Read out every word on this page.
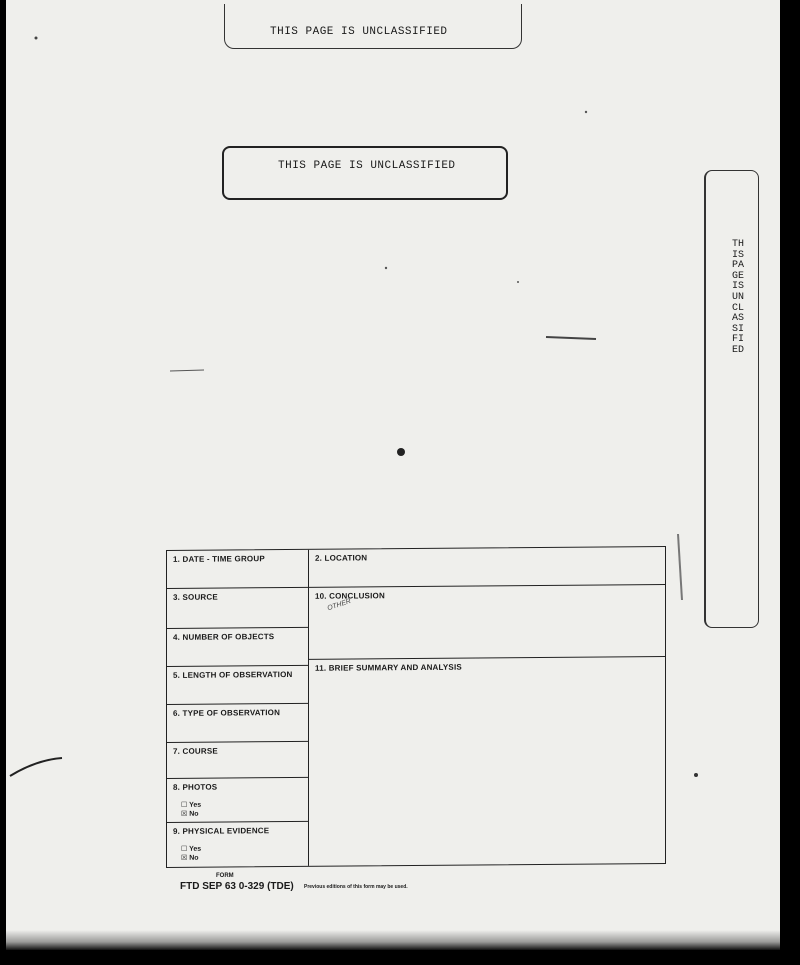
THIS PAGE IS UNCLASSIFIED
THIS PAGE IS UNCLASSIFIED
THIS PAGE IS UNCLASSIFIED
1. DATE - TIME GROUP
3. SOURCE
4. NUMBER OF OBJECTS
5. LENGTH OF OBSERVATION
6. TYPE OF OBSERVATION
7. COURSE
8. PHOTOS
☐ Yes
☒ No
9. PHYSICAL EVIDENCE
☐ Yes
☒ No
2. LOCATION
10. CONCLUSION
OTHER
11. BRIEF SUMMARY AND ANALYSIS
FORM
FTD SEP 63 0-329 (TDE) Previous editions of this form may be used.
